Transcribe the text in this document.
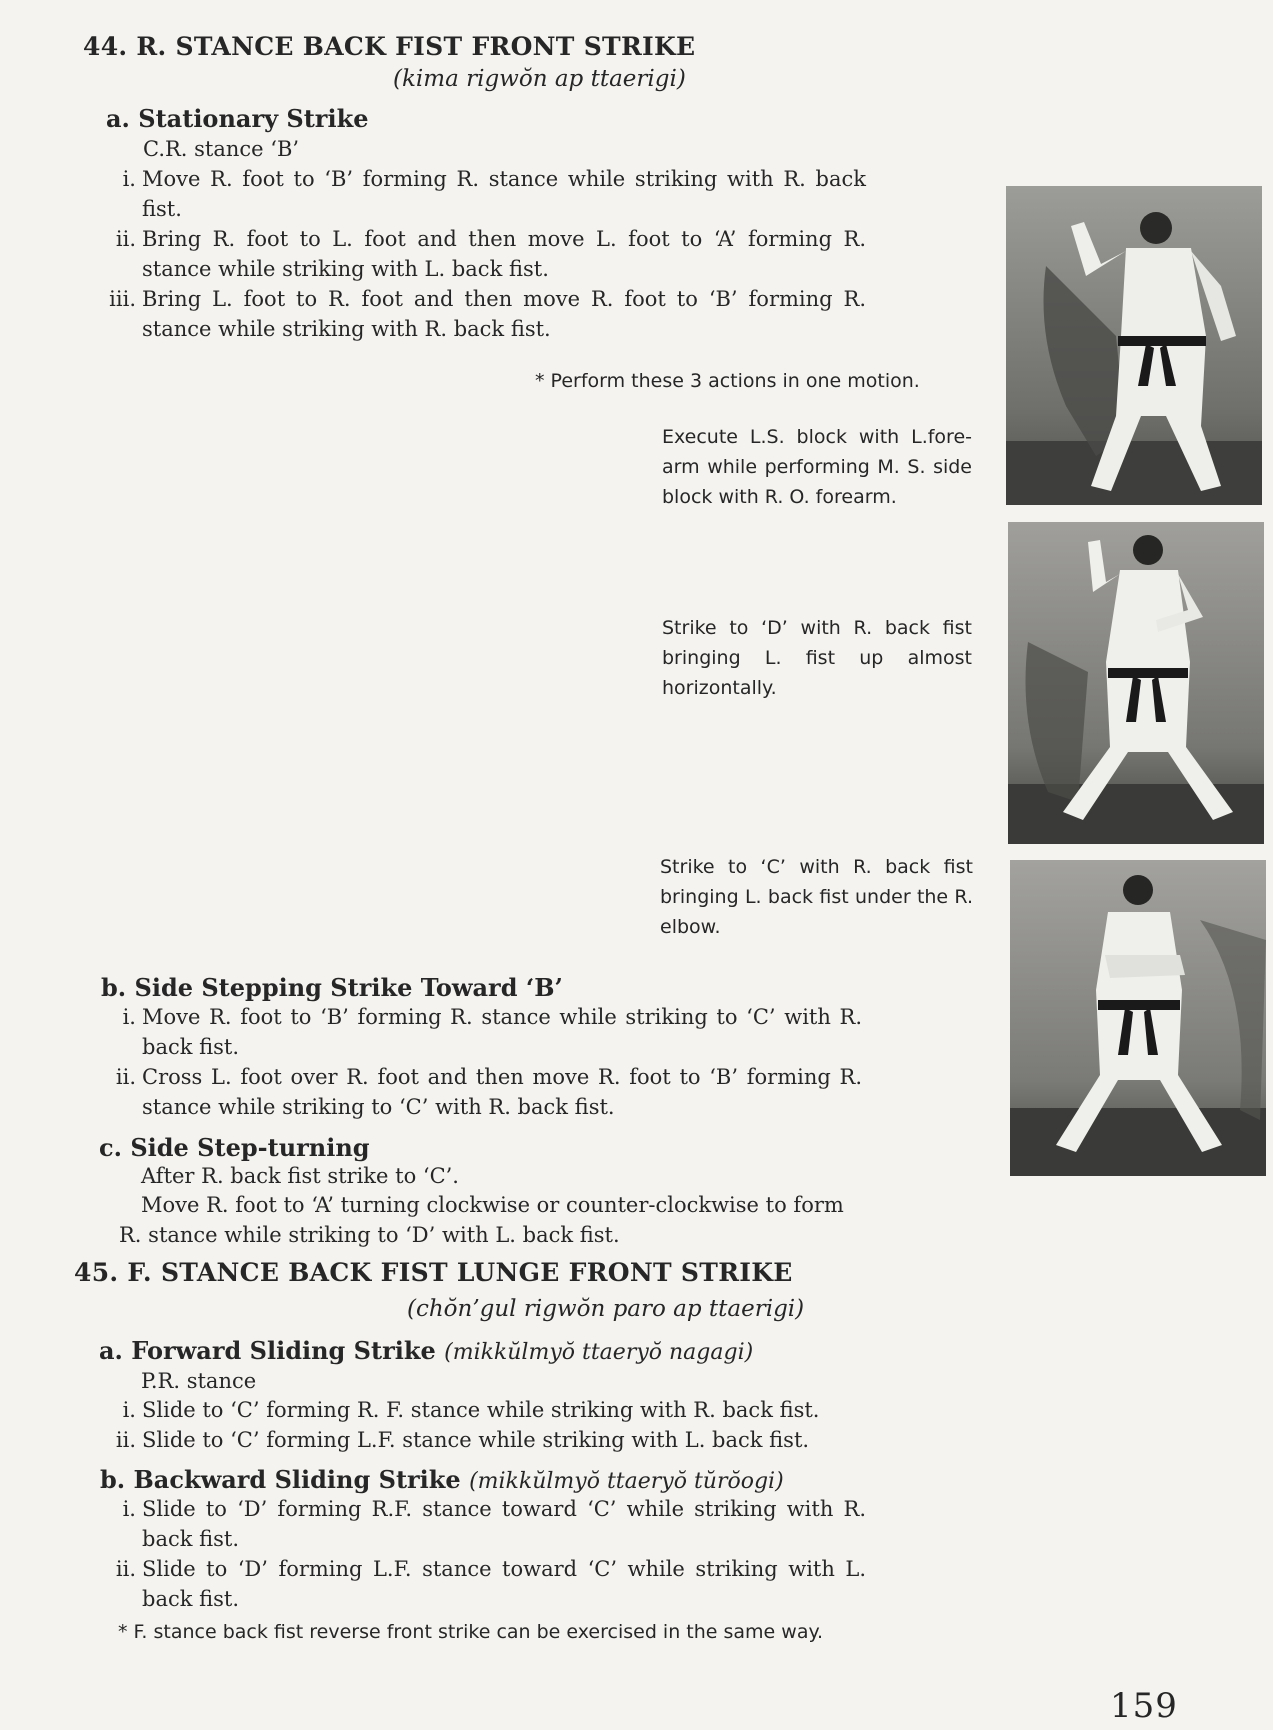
44. R. STANCE BACK FIST FRONT STRIKE
(kima rigwŏn ap ttaerigi)
a. Stationary Strike
C.R. stance ‘B’
i. Move R. foot to ‘B’ forming R. stance while striking with R. back fist.
ii. Bring R. foot to L. foot and then move L. foot to ‘A’ forming R. stance while striking with L. back fist.
iii. Bring L. foot to R. foot and then move R. foot to ‘B’ forming R. stance while striking with R. back fist.
* Perform these 3 actions in one motion.
Execute L.S. block with L.fore-arm while performing M. S. side block with R. O. forearm.
Strike to ‘D’ with R. back fist bringing L. fist up almost horizontally.
Strike to ‘C’ with R. back fist bringing L. back fist under the R. elbow.
b. Side Stepping Strike Toward ‘B’
i. Move R. foot to ‘B’ forming R. stance while striking to ‘C’ with R. back fist.
ii. Cross L. foot over R. foot and then move R. foot to ‘B’ forming R. stance while striking to ‘C’ with R. back fist.
c. Side Step-turning
After R. back fist strike to ‘C’.
Move R. foot to ‘A’ turning clockwise or counter-clockwise to form
R. stance while striking to ‘D’ with L. back fist.
45. F. STANCE BACK FIST LUNGE FRONT STRIKE
(chŏn’gul rigwŏn paro ap ttaerigi)
a. Forward Sliding Strike (mikkŭlmyŏ ttaeryŏ nagagi)
P.R. stance
i. Slide to ‘C’ forming R. F. stance while striking with R. back fist.
ii. Slide to ‘C’ forming L.F. stance while striking with L. back fist.
b. Backward Sliding Strike (mikkŭlmyŏ ttaeryŏ tŭrŏogi)
i. Slide to ‘D’ forming R.F. stance toward ‘C’ while striking with R. back fist.
ii. Slide to ‘D’ forming L.F. stance toward ‘C’ while striking with L. back fist.
* F. stance back fist reverse front strike can be exercised in the same way.
159
